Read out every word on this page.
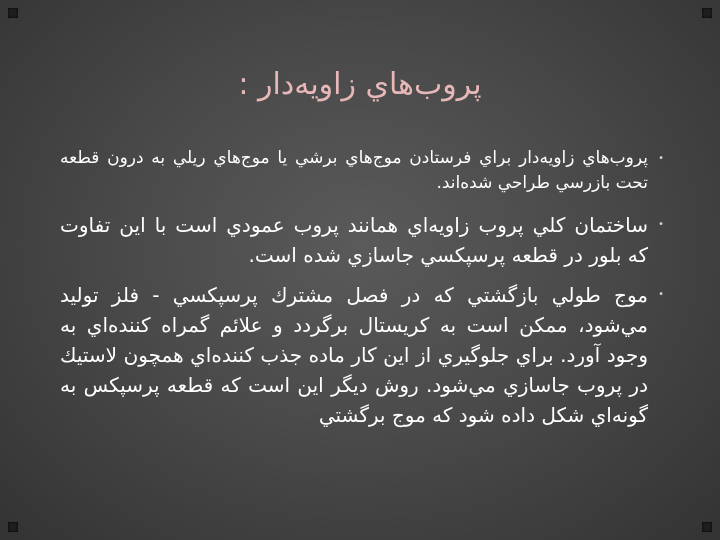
پروب‌هاي زاويه‌دار :
•
پروب‌هاي زاويه‌دار براي فرستادن موج‌هاي برشي يا موج‌هاي ريلي به درون قطعه تحت بازرسي طراحي شده‌اند.
•
ساختمان كلي پروب زاويه‌اي همانند پروب عمودي است با اين تفاوت كه بلور در قطعه پرسپكسي جاسازي شده است.
•
موج طولي بازگشتي كه در فصل مشترك پرسپكسي - فلز توليد مي‌شود، ممكن است به كريستال برگردد و علائم گمراه كننده‌اي به وجود آورد. براي جلوگيري از اين كار ماده جذب كننده‌اي همچون لاستيك در پروب جاسازي مي‌شود. روش ديگر اين است كه قطعه پرسپكس به گونه‌اي شكل داده شود كه موج برگشتي
